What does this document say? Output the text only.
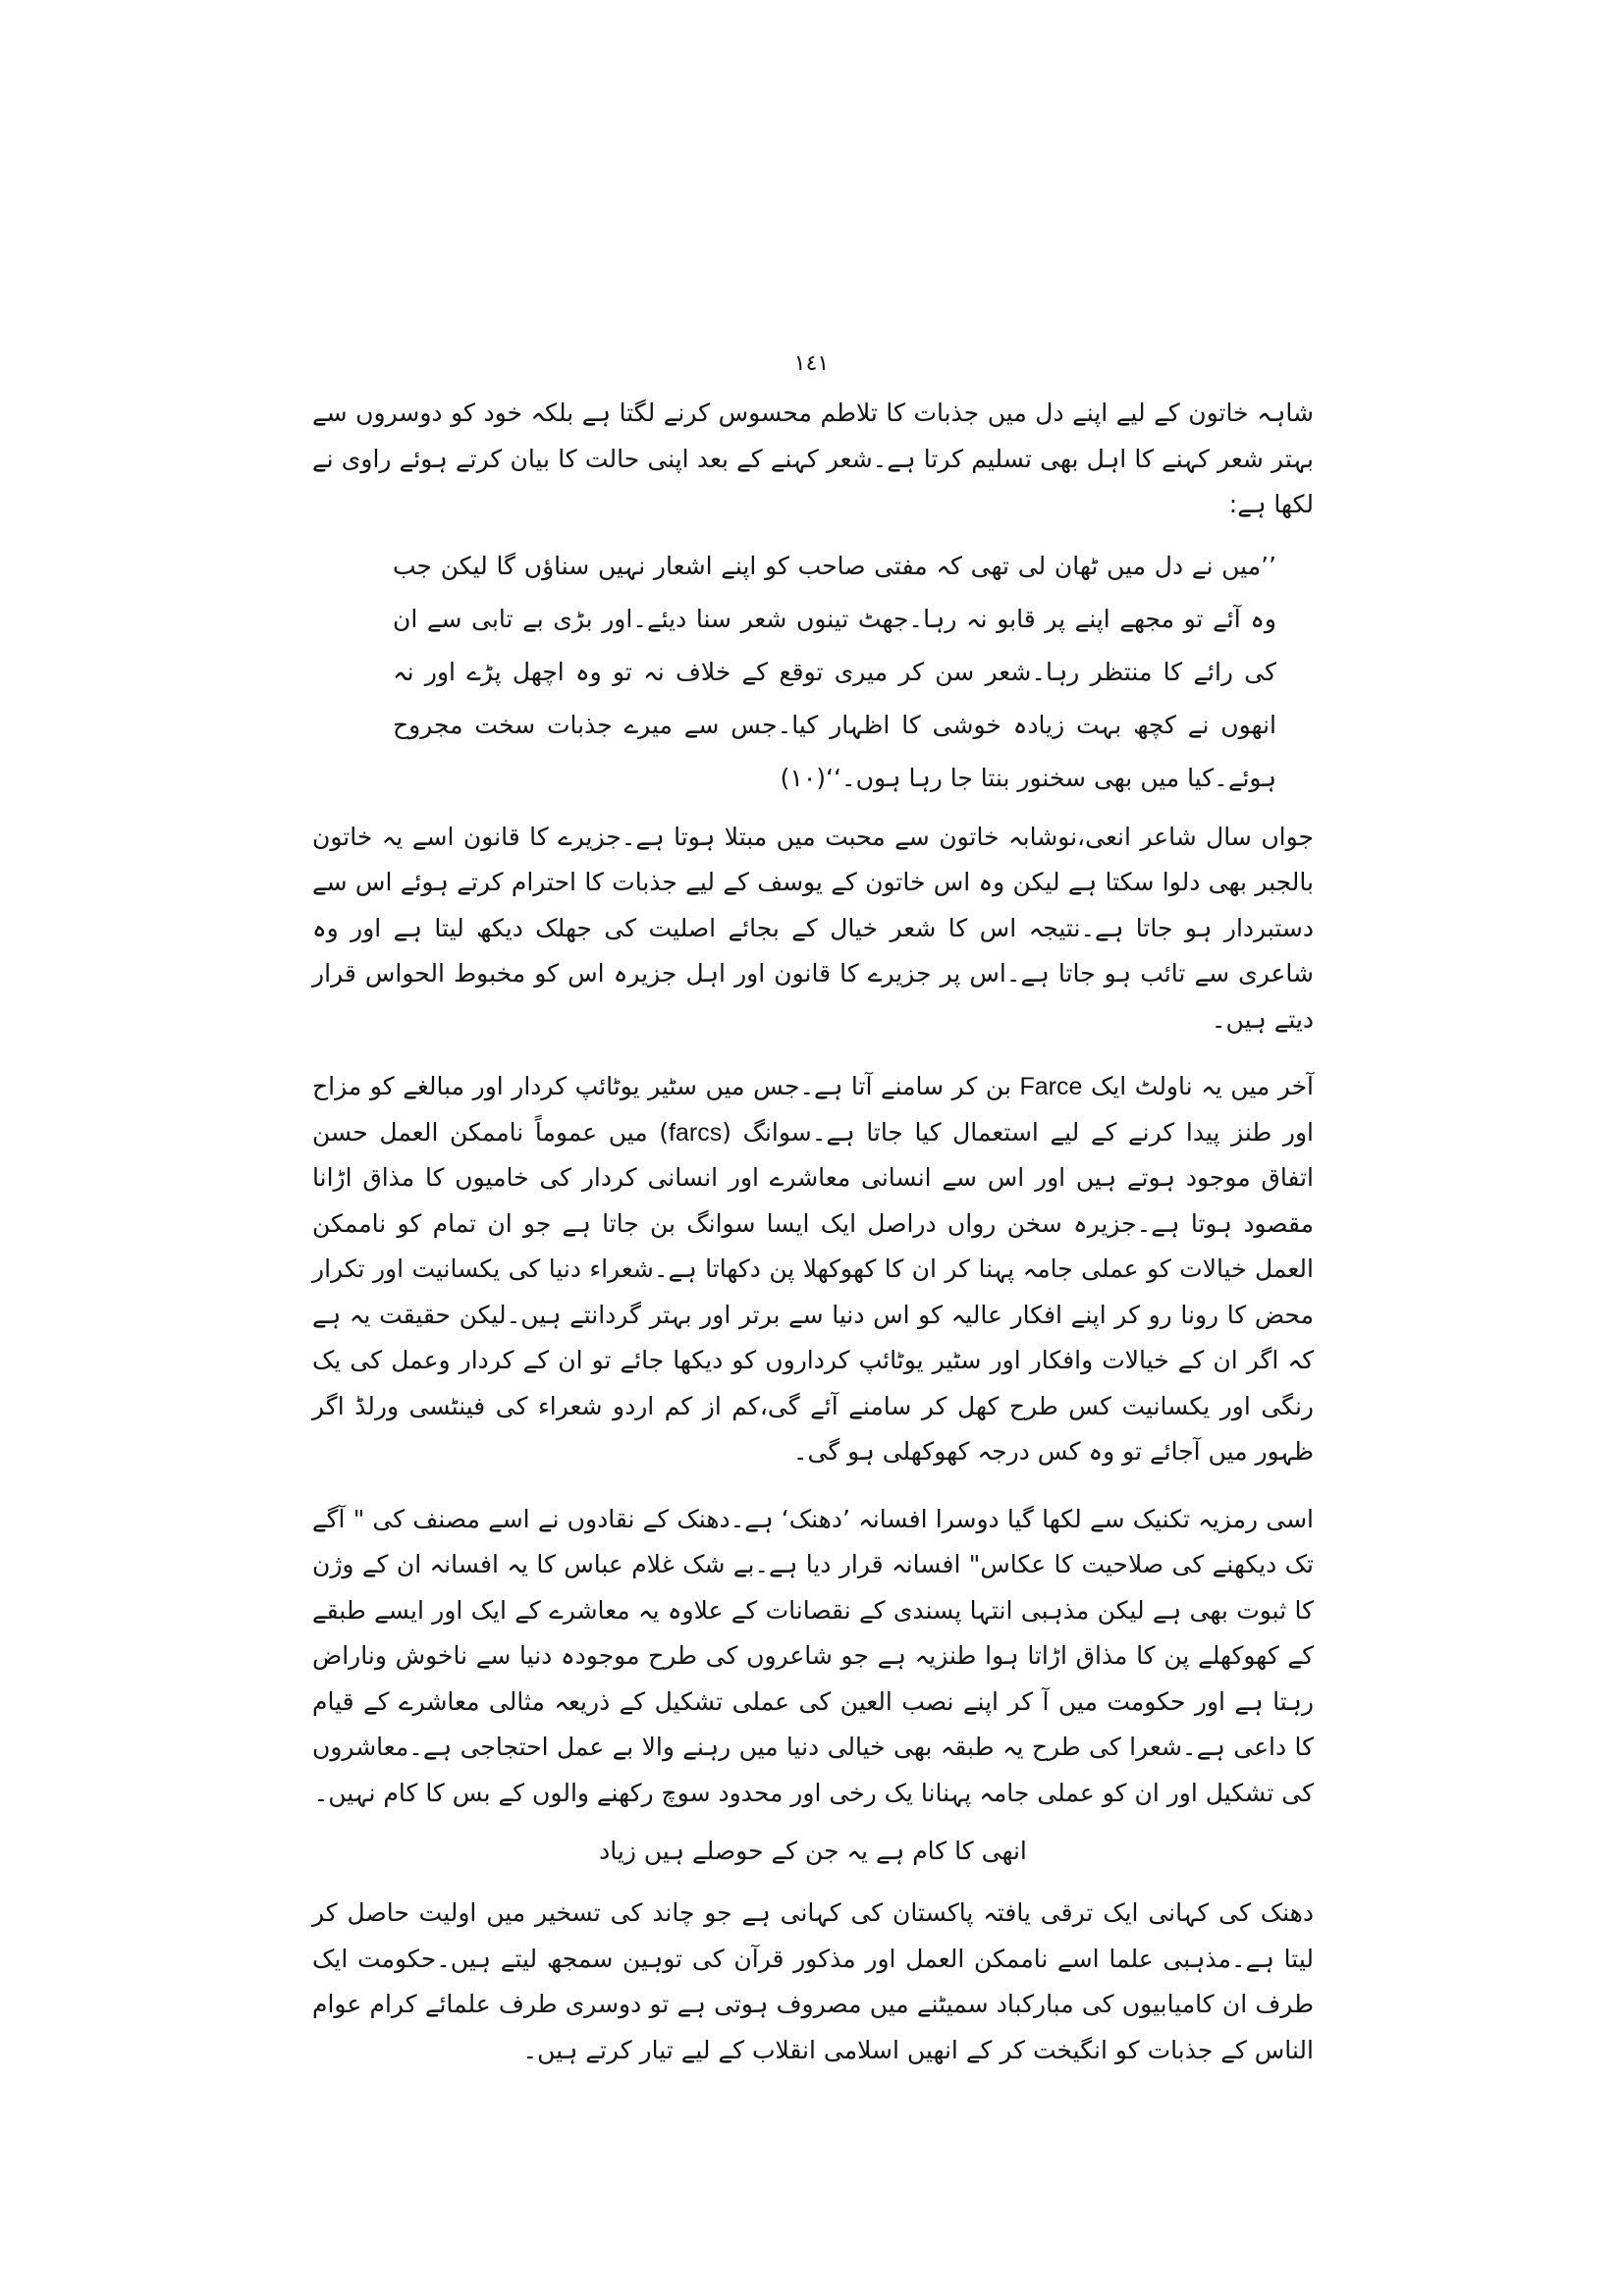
١٤١

شاہہ خاتون کے لیے اپنے دل میں جذبات کا تلاطم محسوس کرنے لگتا ہے بلکہ خود کو دوسروں سے بہتر شعر کہنے کا اہل بھی تسلیم کرتا ہے۔شعر کہنے کے بعد اپنی حالت کا بیان کرتے ہوئے راوی نے لکھا ہے:

’’میں نے دل میں ٹھان لی تھی کہ مفتی صاحب کو اپنے اشعار نہیں سناؤں گا لیکن جب وہ آئے تو مجھے اپنے پر قابو نہ رہا۔جھٹ تینوں شعر سنا دیئے۔اور بڑی بے تابی سے ان کی رائے کا منتظر رہا۔شعر سن کر میری توقع کے خلاف نہ تو وہ اچھل پڑے اور نہ انھوں نے کچھ بہت زیادہ خوشی کا اظہار کیا۔جس سے میرے جذبات سخت مجروح ہوئے۔کیا میں بھی سخنور بنتا جا رہا ہوں۔‘‘(١٠)

جواں سال شاعر انعی،نوشابہ خاتون سے محبت میں مبتلا ہوتا ہے۔جزیرے کا قانون اسے یہ خاتون بالجبر بھی دلوا سکتا ہے لیکن وہ اس خاتون کے یوسف کے لیے جذبات کا احترام کرتے ہوئے اس سے دستبردار ہو جاتا ہے۔نتیجہ اس کا شعر خیال کے بجائے اصلیت کی جھلک دیکھ لیتا ہے اور وہ شاعری سے تائب ہو جاتا ہے۔اس پر جزیرے کا قانون اور اہل جزیرہ اس کو مخبوط الحواس قرار دیتے ہیں۔

آخر میں یہ ناولٹ ایک Farce بن کر سامنے آتا ہے۔جس میں سٹیر یوٹائپ کردار اور مبالغے کو مزاح اور طنز پیدا کرنے کے لیے استعمال کیا جاتا ہے۔سوانگ (farcs) میں عموماً ناممکن العمل حسن اتفاق موجود ہوتے ہیں اور اس سے انسانی معاشرے اور انسانی کردار کی خامیوں کا مذاق اڑانا مقصود ہوتا ہے۔جزیرہ سخن رواں دراصل ایک ایسا سوانگ بن جاتا ہے جو ان تمام کو ناممکن العمل خیالات کو عملی جامہ پہنا کر ان کا کھوکھلا پن دکھاتا ہے۔شعراء دنیا کی یکسانیت اور تکرار محض کا رونا رو کر اپنے افکار عالیہ کو اس دنیا سے برتر اور بہتر گردانتے ہیں۔لیکن حقیقت یہ ہے کہ اگر ان کے خیالات وافکار اور سٹیر یوٹائپ کرداروں کو دیکھا جائے تو ان کے کردار وعمل کی یک رنگی اور یکسانیت کس طرح کھل کر سامنے آئے گی،کم از کم اردو شعراء کی فینٹسی ورلڈ اگر ظہور میں آجائے تو وہ کس درجہ کھوکھلی ہو گی۔

اسی رمزیہ تکنیک سے لکھا گیا دوسرا افسانہ ’دھنک‘ ہے۔دھنک کے نقادوں نے اسے مصنف کی " آگے تک دیکھنے کی صلاحیت کا عکاس" افسانہ قرار دیا ہے۔بے شک غلام عباس کا یہ افسانہ ان کے وژن کا ثبوت بھی ہے لیکن مذہبی انتہا پسندی کے نقصانات کے علاوہ یہ معاشرے کے ایک اور ایسے طبقے کے کھوکھلے پن کا مذاق اڑاتا ہوا طنزیہ ہے جو شاعروں کی طرح موجودہ دنیا سے ناخوش وناراض رہتا ہے اور حکومت میں آ کر اپنے نصب العین کی عملی تشکیل کے ذریعہ مثالی معاشرے کے قیام کا داعی ہے۔شعرا کی طرح یہ طبقہ بھی خیالی دنیا میں رہنے والا بے عمل احتجاجی ہے۔معاشروں کی تشکیل اور ان کو عملی جامہ پہنانا یک رخی اور محدود سوچ رکھنے والوں کے بس کا کام نہیں۔

انھی کا کام ہے یہ جن کے حوصلے ہیں زیاد

دھنک کی کہانی ایک ترقی یافتہ پاکستان کی کہانی ہے جو چاند کی تسخیر میں اولیت حاصل کر لیتا ہے۔مذہبی علما اسے ناممکن العمل اور مذکور قرآن کی توہین سمجھ لیتے ہیں۔حکومت ایک طرف ان کامیابیوں کی مبارکباد سمیٹنے میں مصروف ہوتی ہے تو دوسری طرف علمائے کرام عوام الناس کے جذبات کو انگیخت کر کے انھیں اسلامی انقلاب کے لیے تیار کرتے ہیں۔
